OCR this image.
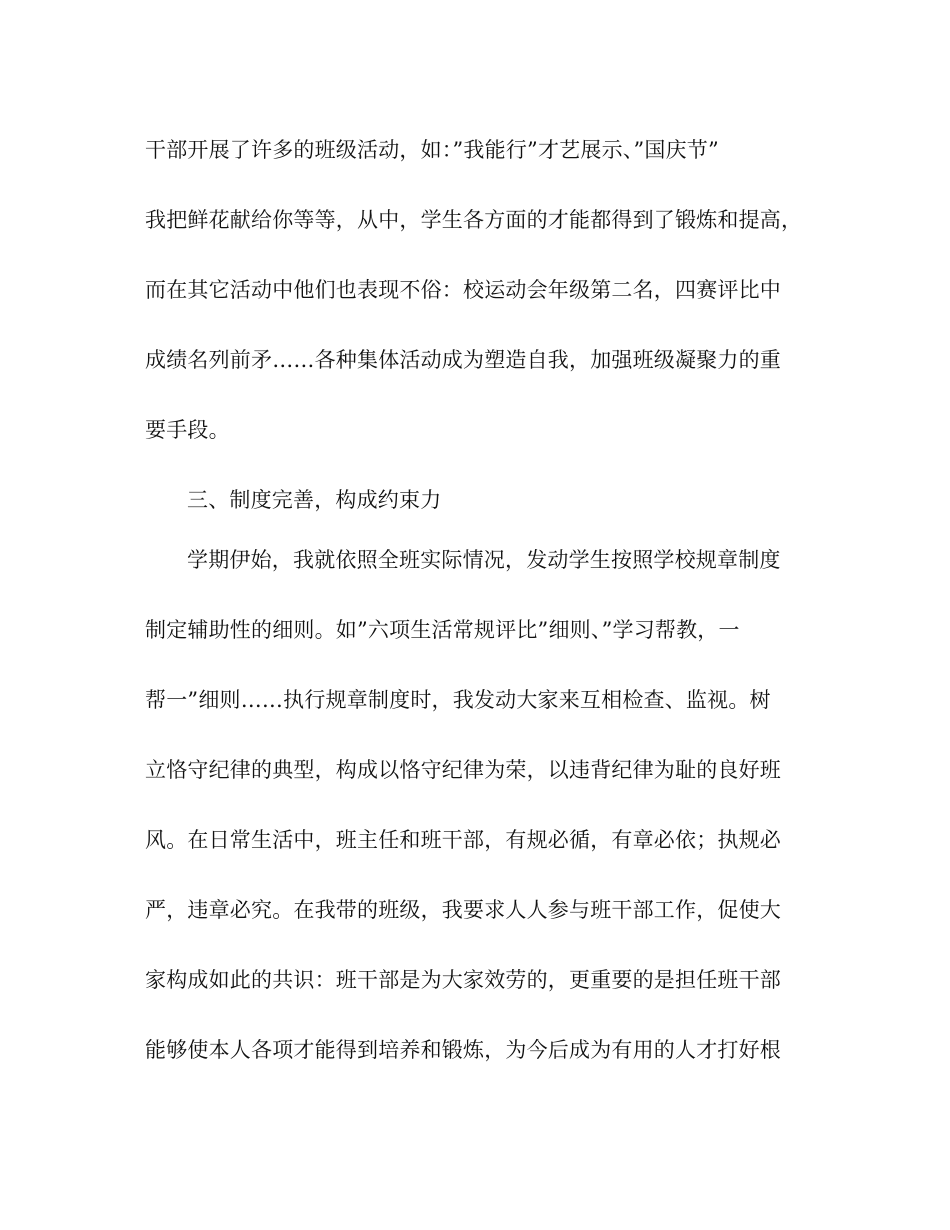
干部开展了许多的班级活动，如：”我能行”才艺展示、”国庆节”
我把鲜花献给你等等，从中，学生各方面的才能都得到了锻炼和提高，
而在其它活动中他们也表现不俗：校运动会年级第二名，四赛评比中
成绩名列前矛……各种集体活动成为塑造自我，加强班级凝聚力的重
要手段。
三、制度完善，构成约束力
学期伊始，我就依照全班实际情况，发动学生按照学校规章制度
制定辅助性的细则。如”六项生活常规评比”细则、”学习帮教，一
帮一”细则……执行规章制度时，我发动大家来互相检查、监视。树
立恪守纪律的典型，构成以恪守纪律为荣，以违背纪律为耻的良好班
风。在日常生活中，班主任和班干部，有规必循，有章必依；执规必
严，违章必究。在我带的班级，我要求人人参与班干部工作，促使大
家构成如此的共识：班干部是为大家效劳的，更重要的是担任班干部
能够使本人各项才能得到培养和锻炼，为今后成为有用的人才打好根
